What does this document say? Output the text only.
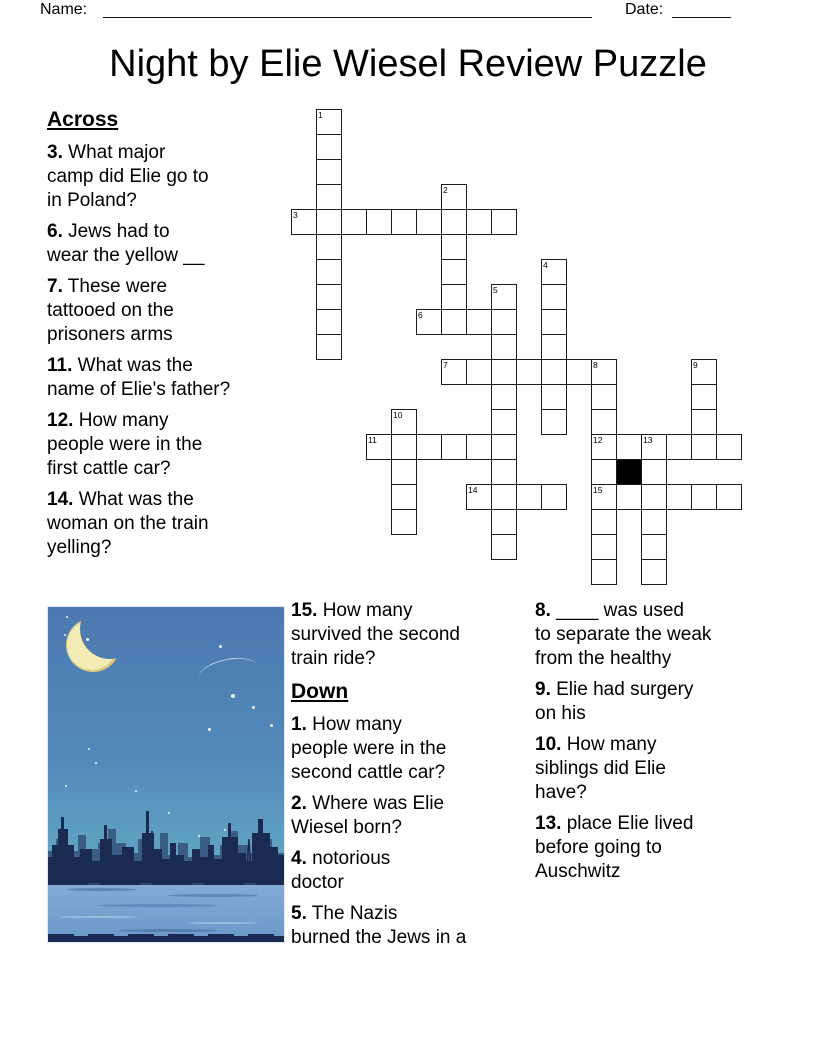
Name:	Date:
Night by Elie Wiesel Review Puzzle
Across

3. What major
camp did Elie go to
in Poland?

6. Jews had to
wear the yellow __

7. These were
tattooed on the
prisoners arms

11. What was the
name of Elie's father?

12. How many
people were in the
first cattle car?

14. What was the
woman on the train
yelling?

1
2
3
4
5
6
7	8	9
10
11	12	13
14	15

15. How many
survived the second
train ride?

Down

1. How many
people were in the
second cattle car?

2. Where was Elie
Wiesel born?

4. notorious
doctor

5. The Nazis
burned the Jews in a

8. ____ was used
to separate the weak
from the healthy

9. Elie had surgery
on his

10. How many
siblings did Elie
have?

13. place Elie lived
before going to
Auschwitz
